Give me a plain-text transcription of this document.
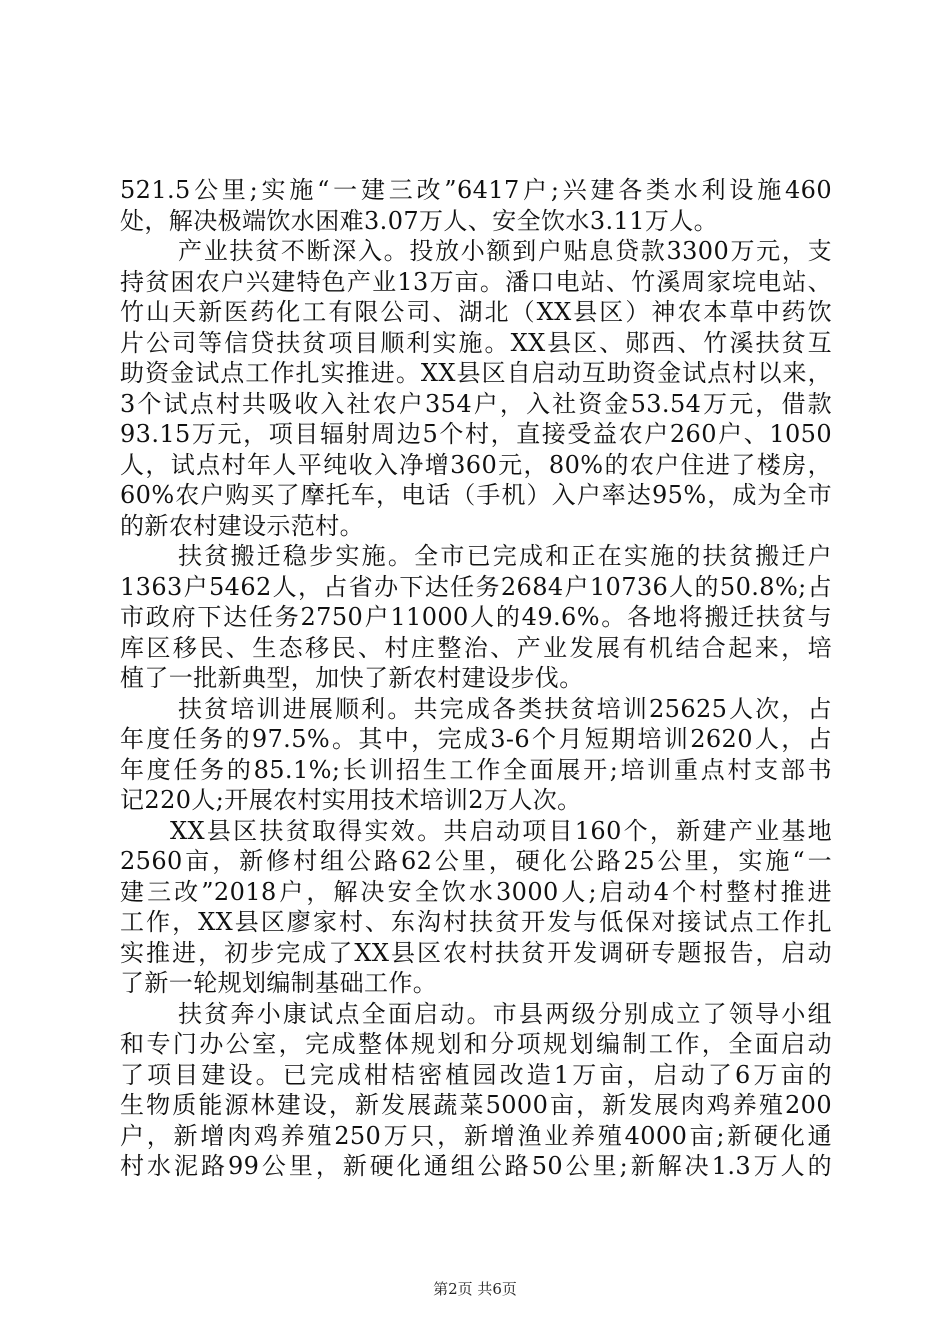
521.5公里;实施“一建三改”6417户;兴建各类水利设施460
处，解决极端饮水困难3.07万人、安全饮水3.11万人。
产业扶贫不断深入。投放小额到户贴息贷款3300万元，支
持贫困农户兴建特色产业13万亩。潘口电站、竹溪周家垸电站、
竹山天新医药化工有限公司、湖北（XX县区）神农本草中药饮
片公司等信贷扶贫项目顺利实施。XX县区、郧西、竹溪扶贫互
助资金试点工作扎实推进。XX县区自启动互助资金试点村以来，
3个试点村共吸收入社农户354户，入社资金53.54万元，借款
93.15万元，项目辐射周边5个村，直接受益农户260户、1050
人，试点村年人平纯收入净增360元，80%的农户住进了楼房，
60%农户购买了摩托车，电话（手机）入户率达95%，成为全市
的新农村建设示范村。
扶贫搬迁稳步实施。全市已完成和正在实施的扶贫搬迁户
1363户5462人，占省办下达任务2684户10736人的50.8%;占
市政府下达任务2750户11000人的49.6%。各地将搬迁扶贫与
库区移民、生态移民、村庄整治、产业发展有机结合起来，培
植了一批新典型，加快了新农村建设步伐。
扶贫培训进展顺利。共完成各类扶贫培训25625人次，占
年度任务的97.5%。其中，完成3-6个月短期培训2620人，占
年度任务的85.1%;长训招生工作全面展开;培训重点村支部书
记220人;开展农村实用技术培训2万人次。
XX县区扶贫取得实效。共启动项目160个，新建产业基地
2560亩，新修村组公路62公里，硬化公路25公里，实施“一
建三改”2018户，解决安全饮水3000人;启动4个村整村推进
工作，XX县区廖家村、东沟村扶贫开发与低保对接试点工作扎
实推进，初步完成了XX县区农村扶贫开发调研专题报告，启动
了新一轮规划编制基础工作。
扶贫奔小康试点全面启动。市县两级分别成立了领导小组
和专门办公室，完成整体规划和分项规划编制工作，全面启动
了项目建设。已完成柑桔密植园改造1万亩，启动了6万亩的
生物质能源林建设，新发展蔬菜5000亩，新发展肉鸡养殖200
户，新增肉鸡养殖250万只，新增渔业养殖4000亩;新硬化通
村水泥路99公里，新硬化通组公路50公里;新解决1.3万人的
第2页 共6页
